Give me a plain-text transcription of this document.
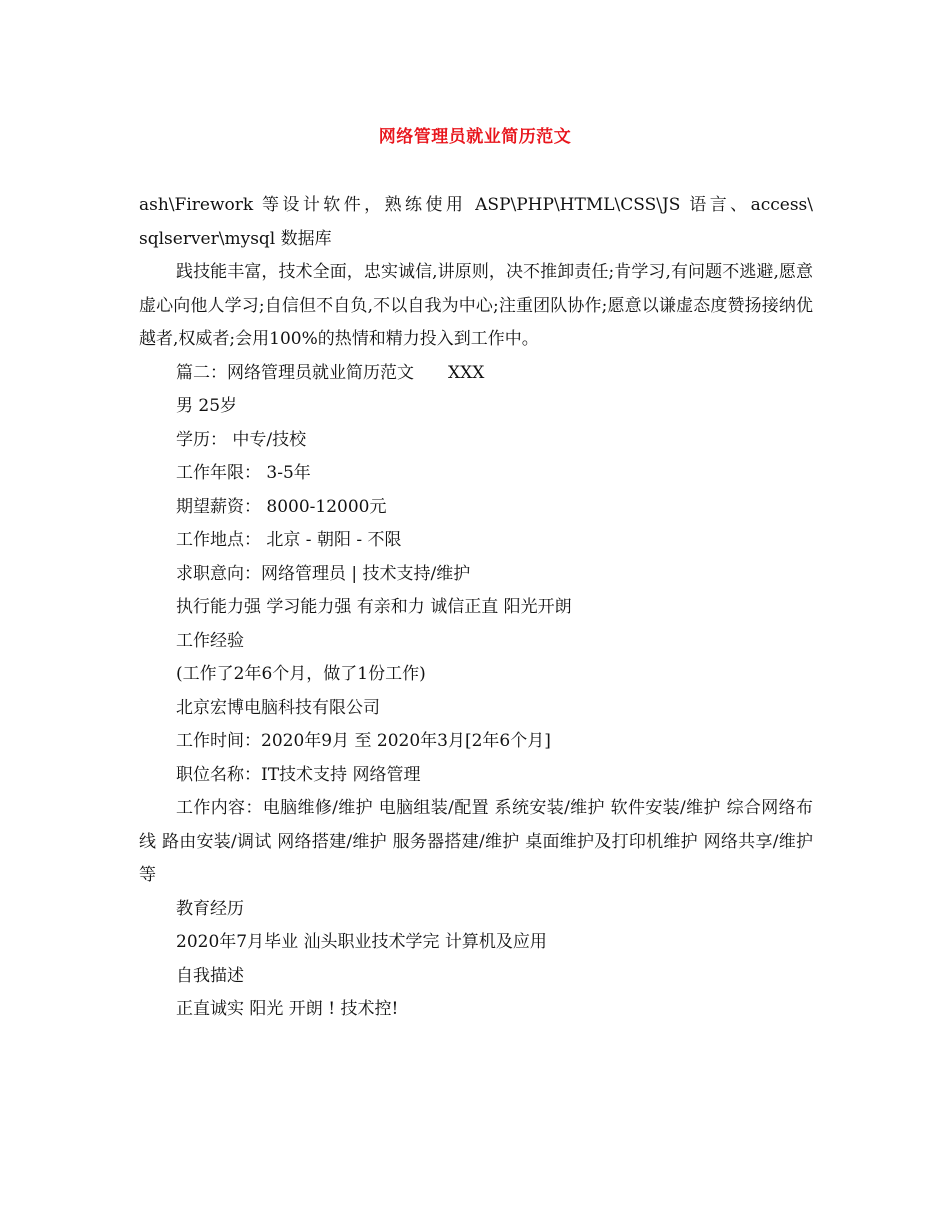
网络管理员就业简历范文

ash\Firework 等设计软件，熟练使用 ASP\PHP\HTML\CSS\JS 语言、access\

sqlserver\mysql 数据库

践技能丰富，技术全面，忠实诚信,讲原则，决不推卸责任;肯学习,有问题不逃避,愿意虚心向他人学习;自信但不自负,不以自我为中心;注重团队协作;愿意以谦虚态度赞扬接纳优越者,权威者;会用100%的热情和精力投入到工作中。

篇二：网络管理员就业简历范文　　XXX

男 25岁

学历： 中专/技校

工作年限： 3-5年

期望薪资： 8000-12000元

工作地点： 北京 - 朝阳 - 不限

求职意向：网络管理员 | 技术支持/维护

执行能力强 学习能力强 有亲和力 诚信正直 阳光开朗

工作经验

(工作了2年6个月，做了1份工作)

北京宏博电脑科技有限公司

工作时间：2020年9月 至 2020年3月[2年6个月]

职位名称：IT技术支持 网络管理

工作内容：电脑维修/维护 电脑组装/配置 系统安装/维护 软件安装/维护 综合网络布线 路由安装/调试 网络搭建/维护 服务器搭建/维护 桌面维护及打印机维护 网络共享/维护等

教育经历

2020年7月毕业 汕头职业技术学完 计算机及应用

自我描述

正直诚实 阳光 开朗 ! 技术控!
